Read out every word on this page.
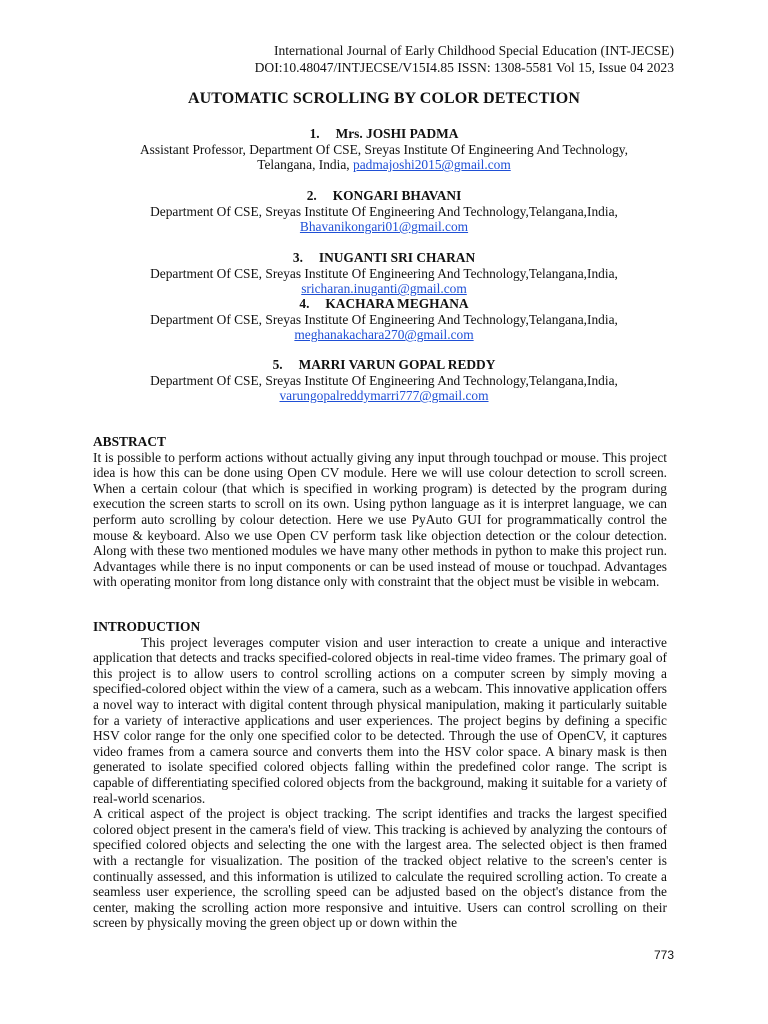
International Journal of Early Childhood Special Education (INT-JECSE)
DOI:10.48047/INTJECSE/V15I4.85 ISSN: 1308-5581 Vol 15, Issue 04 2023
AUTOMATIC SCROLLING BY COLOR DETECTION
1. Mrs. JOSHI PADMA
Assistant Professor, Department Of CSE, Sreyas Institute Of Engineering And Technology,
Telangana, India, padmajoshi2015@gmail.com
2. KONGARI BHAVANI
Department Of CSE, Sreyas Institute Of Engineering And Technology,Telangana,India,
Bhavanikongari01@gmail.com
3. INUGANTI SRI CHARAN
Department Of CSE, Sreyas Institute Of Engineering And Technology,Telangana,India,
sricharan.inuganti@gmail.com
4. KACHARA MEGHANA
Department Of CSE, Sreyas Institute Of Engineering And Technology,Telangana,India,
meghanakachara270@gmail.com
5. MARRI VARUN GOPAL REDDY
Department Of CSE, Sreyas Institute Of Engineering And Technology,Telangana,India,
varungopalreddymarri777@gmail.com
ABSTRACT

It is possible to perform actions without actually giving any input through touchpad or mouse. This project idea is how this can be done using Open CV module. Here we will use colour detection to scroll screen. When a certain colour (that which is specified in working program) is detected by the program during execution the screen starts to scroll on its own. Using python language as it is interpret language, we can perform auto scrolling by colour detection. Here we use PyAuto GUI for programmatically control the mouse & keyboard. Also we use Open CV perform task like objection detection or the colour detection. Along with these two mentioned modules we have many other methods in python to make this project run. Advantages while there is no input components or can be used instead of mouse or touchpad. Advantages with operating monitor from long distance only with constraint that the object must be visible in webcam.

INTRODUCTION

This project leverages computer vision and user interaction to create a unique and interactive application that detects and tracks specified-colored objects in real-time video frames. The primary goal of this project is to allow users to control scrolling actions on a computer screen by simply moving a specified-colored object within the view of a camera, such as a webcam. This innovative application offers a novel way to interact with digital content through physical manipulation, making it particularly suitable for a variety of interactive applications and user experiences. The project begins by defining a specific HSV color range for the only one specified color to be detected. Through the use of OpenCV, it captures video frames from a camera source and converts them into the HSV color space. A binary mask is then generated to isolate specified colored objects falling within the predefined color range. The script is capable of differentiating specified colored objects from the background, making it suitable for a variety of real-world scenarios.

A critical aspect of the project is object tracking. The script identifies and tracks the largest specified colored object present in the camera's field of view. This tracking is achieved by analyzing the contours of specified colored objects and selecting the one with the largest area. The selected object is then framed with a rectangle for visualization. The position of the tracked object relative to the screen's center is continually assessed, and this information is utilized to calculate the required scrolling action. To create a seamless user experience, the scrolling speed can be adjusted based on the object's distance from the center, making the scrolling action more responsive and intuitive. Users can control scrolling on their screen by physically moving the green object up or down within the

773
